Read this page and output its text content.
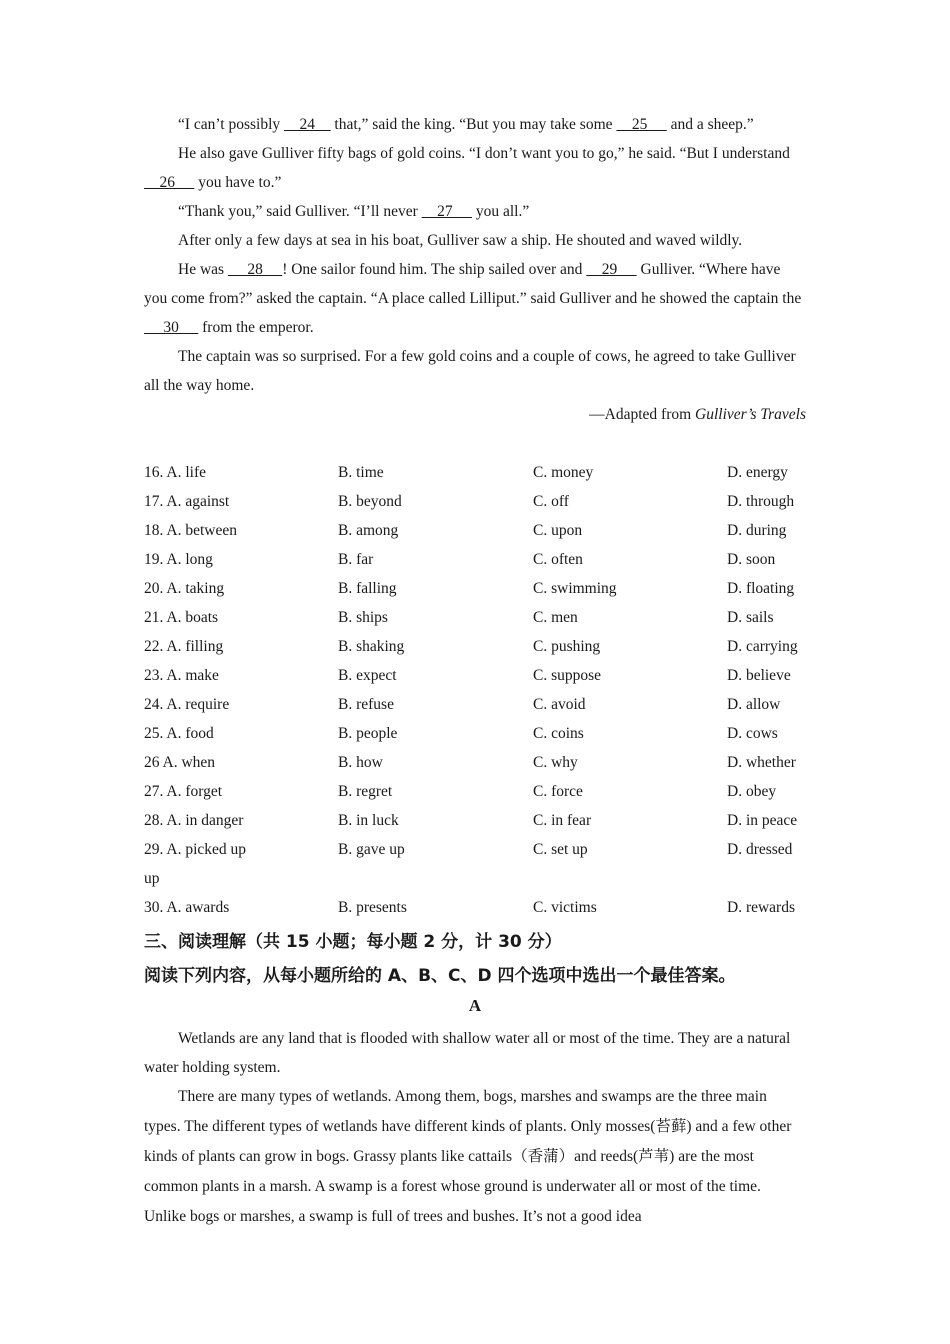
“I can’t possibly     24     that,” said the king. “But you may take some     25      and a sheep.”

He also gave Gulliver fifty bags of gold coins. “I don’t want you to go,” he said. “But I understand     26      you have to.”

“Thank you,” said Gulliver. “I’ll never     27      you all.”

After only a few days at sea in his boat, Gulliver saw a ship. He shouted and waved wildly.

He was      28     ! One sailor found him. The ship sailed over and     29      Gulliver. “Where have you come from?” asked the captain. “A place called Lilliput.” said Gulliver and he showed the captain the      30      from the emperor.

The captain was so surprised. For a few gold coins and a couple of cows, he agreed to take Gulliver all the way home.

—Adapted from Gulliver’s Travels

16. A. life	B. time	C. money	D. energy
17. A. against	B. beyond	C. off	D. through
18. A. between	B. among	C. upon	D. during
19. A. long	B. far	C. often	D. soon
20. A. taking	B. falling	C. swimming	D. floating
21. A. boats	B. ships	C. men	D. sails
22. A. filling	B. shaking	C. pushing	D. carrying
23. A. make	B. expect	C. suppose	D. believe
24. A. require	B. refuse	C. avoid	D. allow
25. A. food	B. people	C. coins	D. cows
26 A. when	B. how	C. why	D. whether
27. A. forget	B. regret	C. force	D. obey
28. A. in danger	B. in luck	C. in fear	D. in peace
29. A. picked up	B. gave up	C. set up	D. dressed
up
30. A. awards	B. presents	C. victims	D. rewards
三、阅读理解（共 15 小题；每小题 2 分，计 30 分）
阅读下列内容，从每小题所给的 A、B、C、D 四个选项中选出一个最佳答案。
A

Wetlands are any land that is flooded with shallow water all or most of the time. They are a natural water holding system.

There are many types of wetlands. Among them, bogs, marshes and swamps are the three main types. The different types of wetlands have different kinds of plants. Only mosses(苔藓) and a few other kinds of plants can grow in bogs. Grassy plants like cattails（香蒲）and reeds(芦苇) are the most common plants in a marsh. A swamp is a forest whose ground is underwater all or most of the time. Unlike bogs or marshes, a swamp is full of trees and bushes. It’s not a good idea
